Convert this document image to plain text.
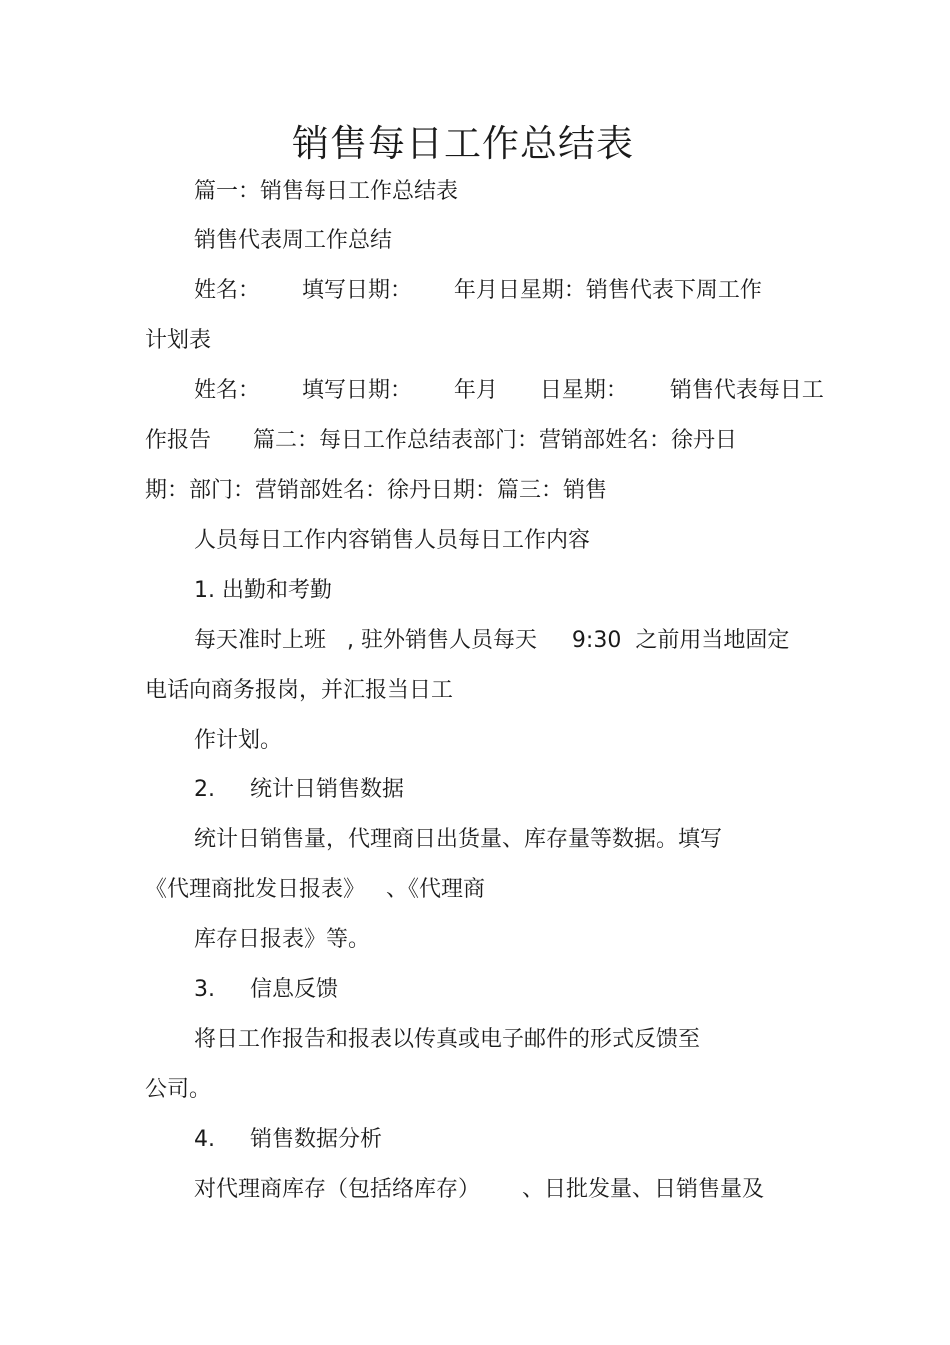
销售每日工作总结表
篇一：销售每日工作总结表
销售代表周工作总结
姓名：      填写日期：      年月日星期：销售代表下周工作
计划表
姓名：      填写日期：      年月      日星期：      销售代表每日工
作报告      篇二：每日工作总结表部门：营销部姓名：徐丹日
期：部门：营销部姓名：徐丹日期：篇三：销售
人员每日工作内容销售人员每日工作内容
1. 出勤和考勤
每天准时上班   , 驻外销售人员每天     9:30  之前用当地固定
电话向商务报岗，并汇报当日工
作计划。
2.     统计日销售数据
统计日销售量，代理商日出货量、库存量等数据。填写
《代理商批发日报表》   、《代理商
库存日报表》等。
3.     信息反馈
将日工作报告和报表以传真或电子邮件的形式反馈至
公司。
4.     销售数据分析
对代理商库存（包括络库存）      、日批发量、日销售量及
